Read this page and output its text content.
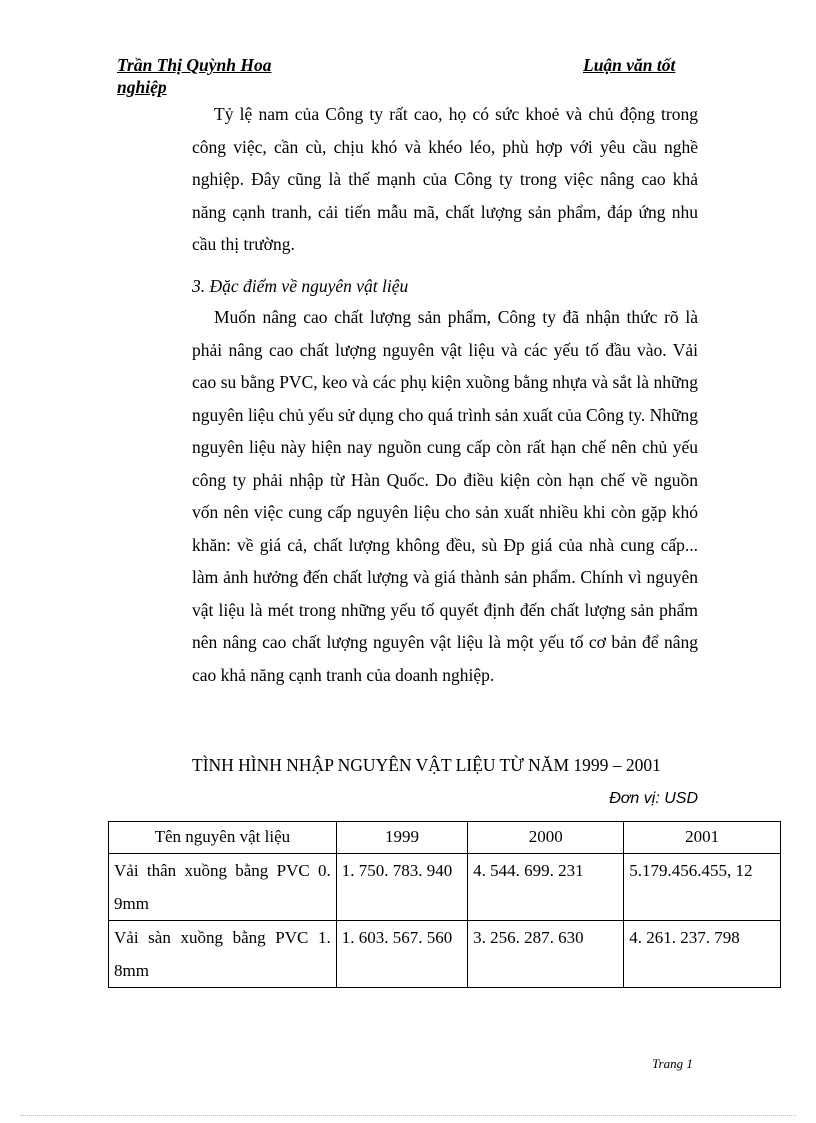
Trần Thị Quỳnh Hoa	Luận văn tốt
nghiệp

Tỷ lệ nam của Công ty rất cao, họ có sức khoẻ và chủ động trong công việc, cần cù, chịu khó và khéo léo, phù hợp với yêu cầu nghề nghiệp. Đây cũng là thế mạnh của Công ty trong việc nâng cao khả năng cạnh tranh, cải tiến mẫu mã, chất lượng sản phẩm, đáp ứng nhu cầu thị trường.

3. Đặc điểm về nguyên vật liệu

Muốn nâng cao chất lượng sản phẩm, Công ty đã nhận thức rõ là phải nâng cao chất lượng nguyên vật liệu và các yếu tố đầu vào. Vải cao su bằng PVC, keo và các phụ kiện xuồng bằng nhựa và sắt là những nguyên liệu chủ yếu sử dụng cho quá trình sản xuất của Công ty. Những nguyên liệu này hiện nay nguồn cung cấp còn rất hạn chế nên chủ yếu công ty phải nhập từ Hàn Quốc. Do điều kiện còn hạn chế về nguồn vốn nên việc cung cấp nguyên liệu cho sản xuất nhiều khi còn gặp khó khăn: về giá cả, chất lượng không đều, sù Đp giá của nhà cung cấp... làm ảnh hưởng đến chất lượng và giá thành sản phẩm. Chính vì nguyên vật liệu là mét trong những yếu tố quyết định đến chất lượng sản phẩm nên nâng cao chất lượng nguyên vật liệu là một yếu tố cơ bản để nâng cao khả năng cạnh tranh của doanh nghiệp.

TÌNH HÌNH NHẬP NGUYÊN VẬT LIỆU TỪ NĂM 1999 – 2001

Đơn vị: USD

Tên nguyên vật liệu	1999	2000	2001
Vải thân xuồng bằng PVC 0. 9mm	1. 750. 783. 940	4. 544. 699. 231	5.179.456.455, 12
Vải sàn xuồng bằng PVC 1. 8mm	1. 603. 567. 560	3. 256. 287. 630	4. 261. 237. 798
Trang 1
